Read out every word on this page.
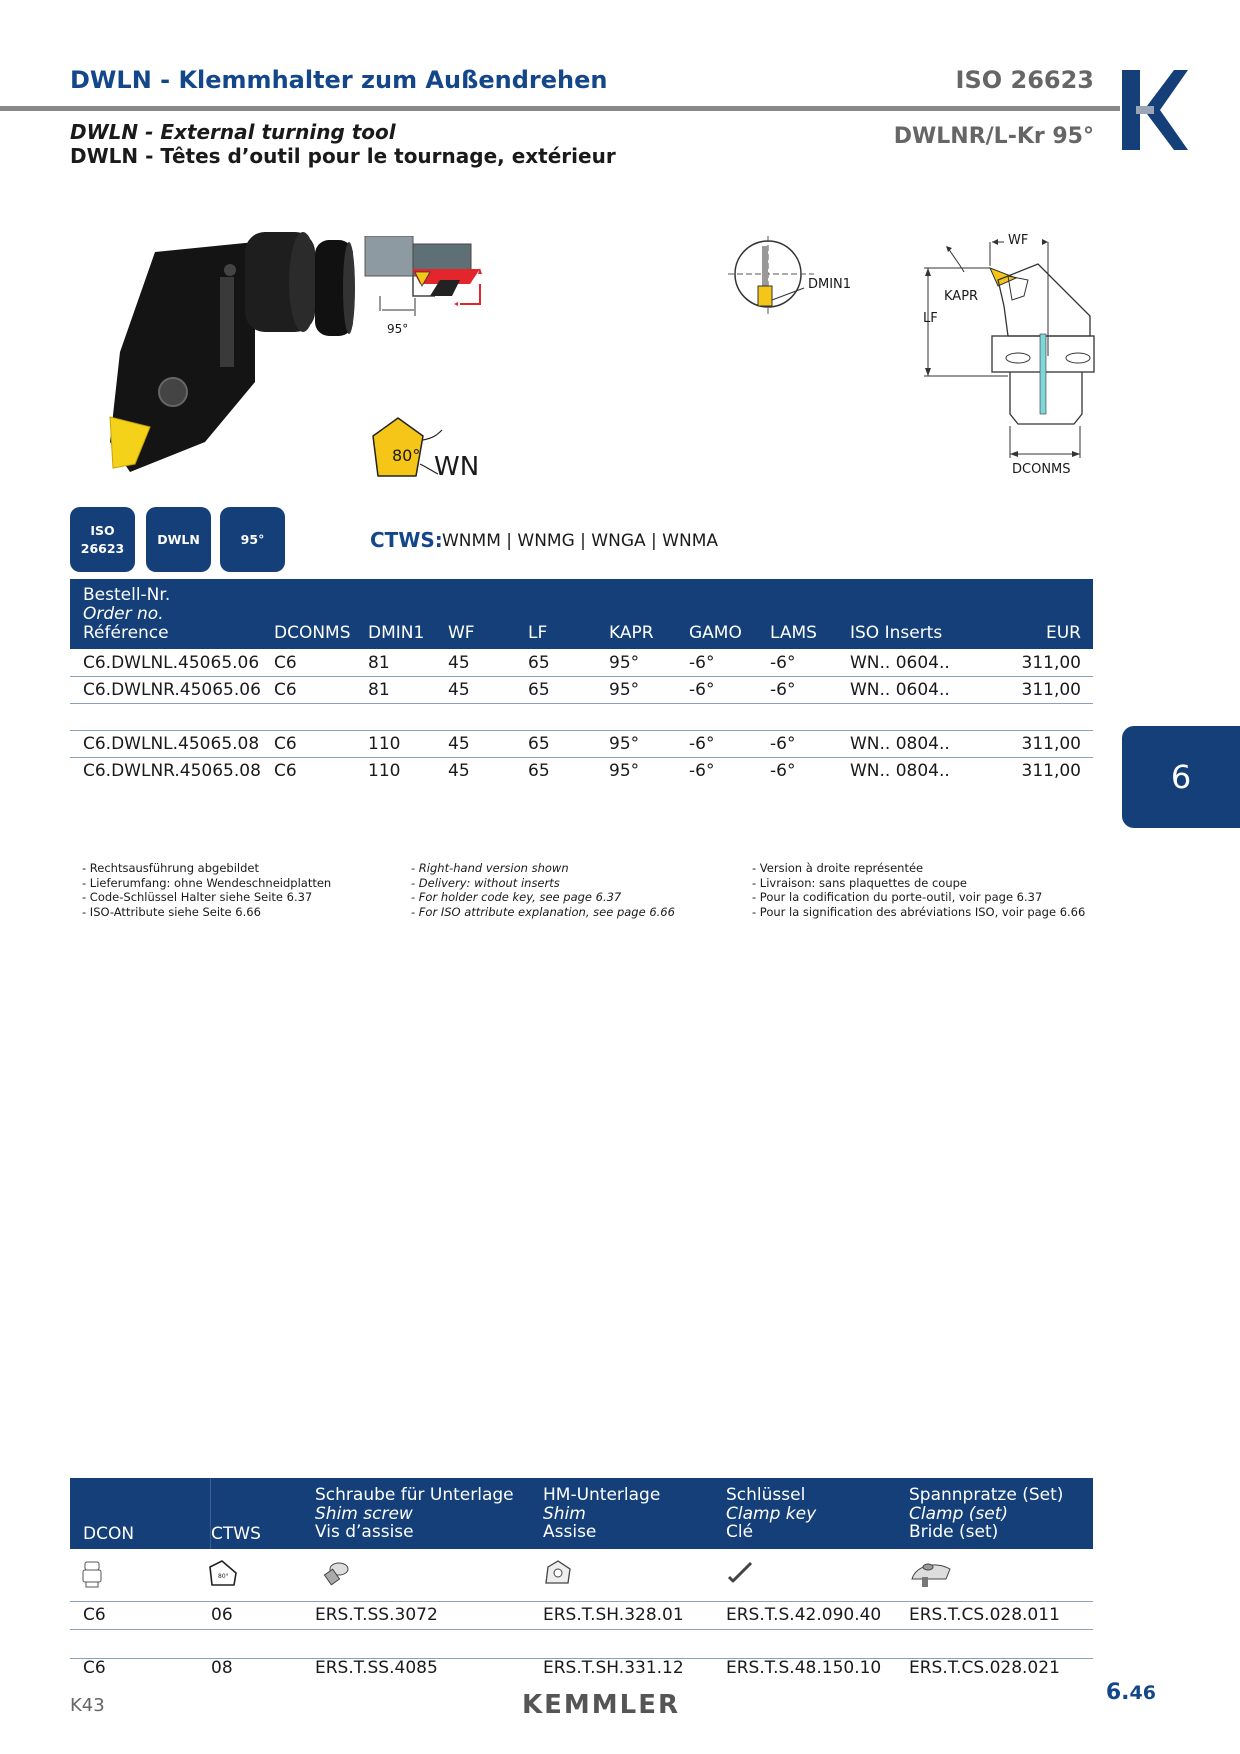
DWLN - Klemmhalter zum Außendrehen	ISO 26623
DWLN - External turning tool
DWLN - Têtes d’outil pour le tournage, extérieur
DWLNR/L-Kr 95°
95°
80° WN
DMIN1
WF
KAPR
LF
DCONMS
ISO
26623
DWLN	95°	CTWS: WNMM | WNMG | WNGA | WNMA
Bestell-Nr.
Order no.
Référence	DCONMS DMIN1 WF	LF	KAPR GAMO LAMS ISO Inserts	EUR
C6.DWLNL.45065.06 C6	81	45	65	95°	-6°	-6°	WN.. 0604..	311,00
C6.DWLNR.45065.06 C6	81	45	65	95°	-6°	-6°	WN.. 0604..	311,00
C6.DWLNL.45065.08 C6	110	45	65	95°	-6°	-6°	WN.. 0804..	311,00
C6.DWLNR.45065.08 C6	110	45	65	95°	-6°	-6°	WN.. 0804..	311,00	6
- Rechtsausführung abgebildet
- Lieferumfang: ohne Wendeschneidplatten
- Code-Schlüssel Halter siehe Seite 6.37
- ISO-Attribute siehe Seite 6.66
- Right-hand version shown
- Delivery: without inserts
- For holder code key, see page 6.37
- For ISO attribute explanation, see page 6.66
- Version à droite représentée
- Livraison: sans plaquettes de coupe
- Pour la codification du porte-outil, voir page 6.37
- Pour la signification des abréviations ISO, voir page 6.66
DCON	CTWS
Schraube für Unterlage
Shim screw
Vis d’assise
HM-Unterlage
Shim
Assise
Schlüssel
Clamp key
Clé
Spannpratze (Set)
Clamp (set)
Bride (set)
80°
C6	06	ERS.T.SS.3072	ERS.T.SH.328.01 ERS.T.S.42.090.40 ERS.T.CS.028.011
C6	08	ERS.T.SS.4085	ERS.T.SH.331.12 ERS.T.S.48.150.10 ERS.T.CS.028.021
K43	KEMMLER	6.46
